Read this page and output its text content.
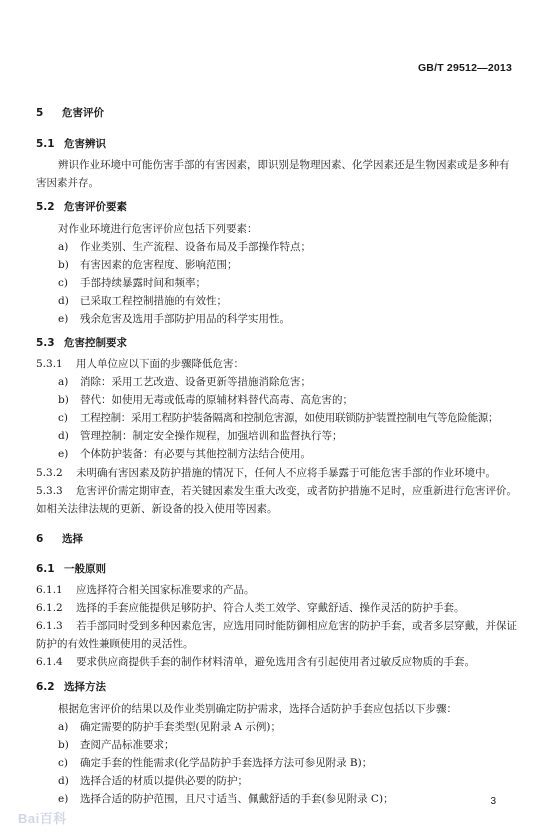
GB/T 29512—2013
5 危害评价
5.1 危害辨识
辨识作业环境中可能伤害手部的有害因素，即识别是物理因素、化学因素还是生物因素或是多种有
害因素并存。
5.2 危害评价要素
对作业环境进行危害评价应包括下列要素：
a) 作业类别、生产流程、设备布局及手部操作特点；
b) 有害因素的危害程度、影响范围；
c) 手部持续暴露时间和频率；
d) 已采取工程控制措施的有效性；
e) 残余危害及选用手部防护用品的科学实用性。
5.3 危害控制要求
5.3.1 用人单位应以下面的步骤降低危害：
a) 消除：采用工艺改造、设备更新等措施消除危害；
b) 替代：如使用无毒或低毒的原辅材料替代高毒、高危害的；
c) 工程控制：采用工程防护装备隔离和控制危害源，如使用联锁防护装置控制电气等危险能源；
d) 管理控制：制定安全操作规程，加强培训和监督执行等；
e) 个体防护装备：有必要与其他控制方法结合使用。
5.3.2 未明确有害因素及防护措施的情况下，任何人不应将手暴露于可能危害手部的作业环境中。
5.3.3 危害评价需定期审查，若关键因素发生重大改变，或者防护措施不足时，应重新进行危害评价。
如相关法律法规的更新、新设备的投入使用等因素。
6 选择
6.1 一般原则
6.1.1 应选择符合相关国家标准要求的产品。
6.1.2 选择的手套应能提供足够防护、符合人类工效学、穿戴舒适、操作灵活的防护手套。
6.1.3 若手部同时受到多种因素危害，应选用同时能防御相应危害的防护手套，或者多层穿戴，并保证
防护的有效性兼顾使用的灵活性。
6.1.4 要求供应商提供手套的制作材料清单，避免选用含有引起使用者过敏反应物质的手套。
6.2 选择方法
根据危害评价的结果以及作业类别确定防护需求，选择合适防护手套应包括以下步骤：
a) 确定需要的防护手套类型(见附录 A 示例)；
b) 查阅产品标准要求；
c) 确定手套的性能需求(化学品防护手套选择方法可参见附录 B)；
d) 选择合适的材质以提供必要的防护；
e) 选择合适的防护范围，且尺寸适当、佩戴舒适的手套(参见附录 C)；	3
Bai百科
